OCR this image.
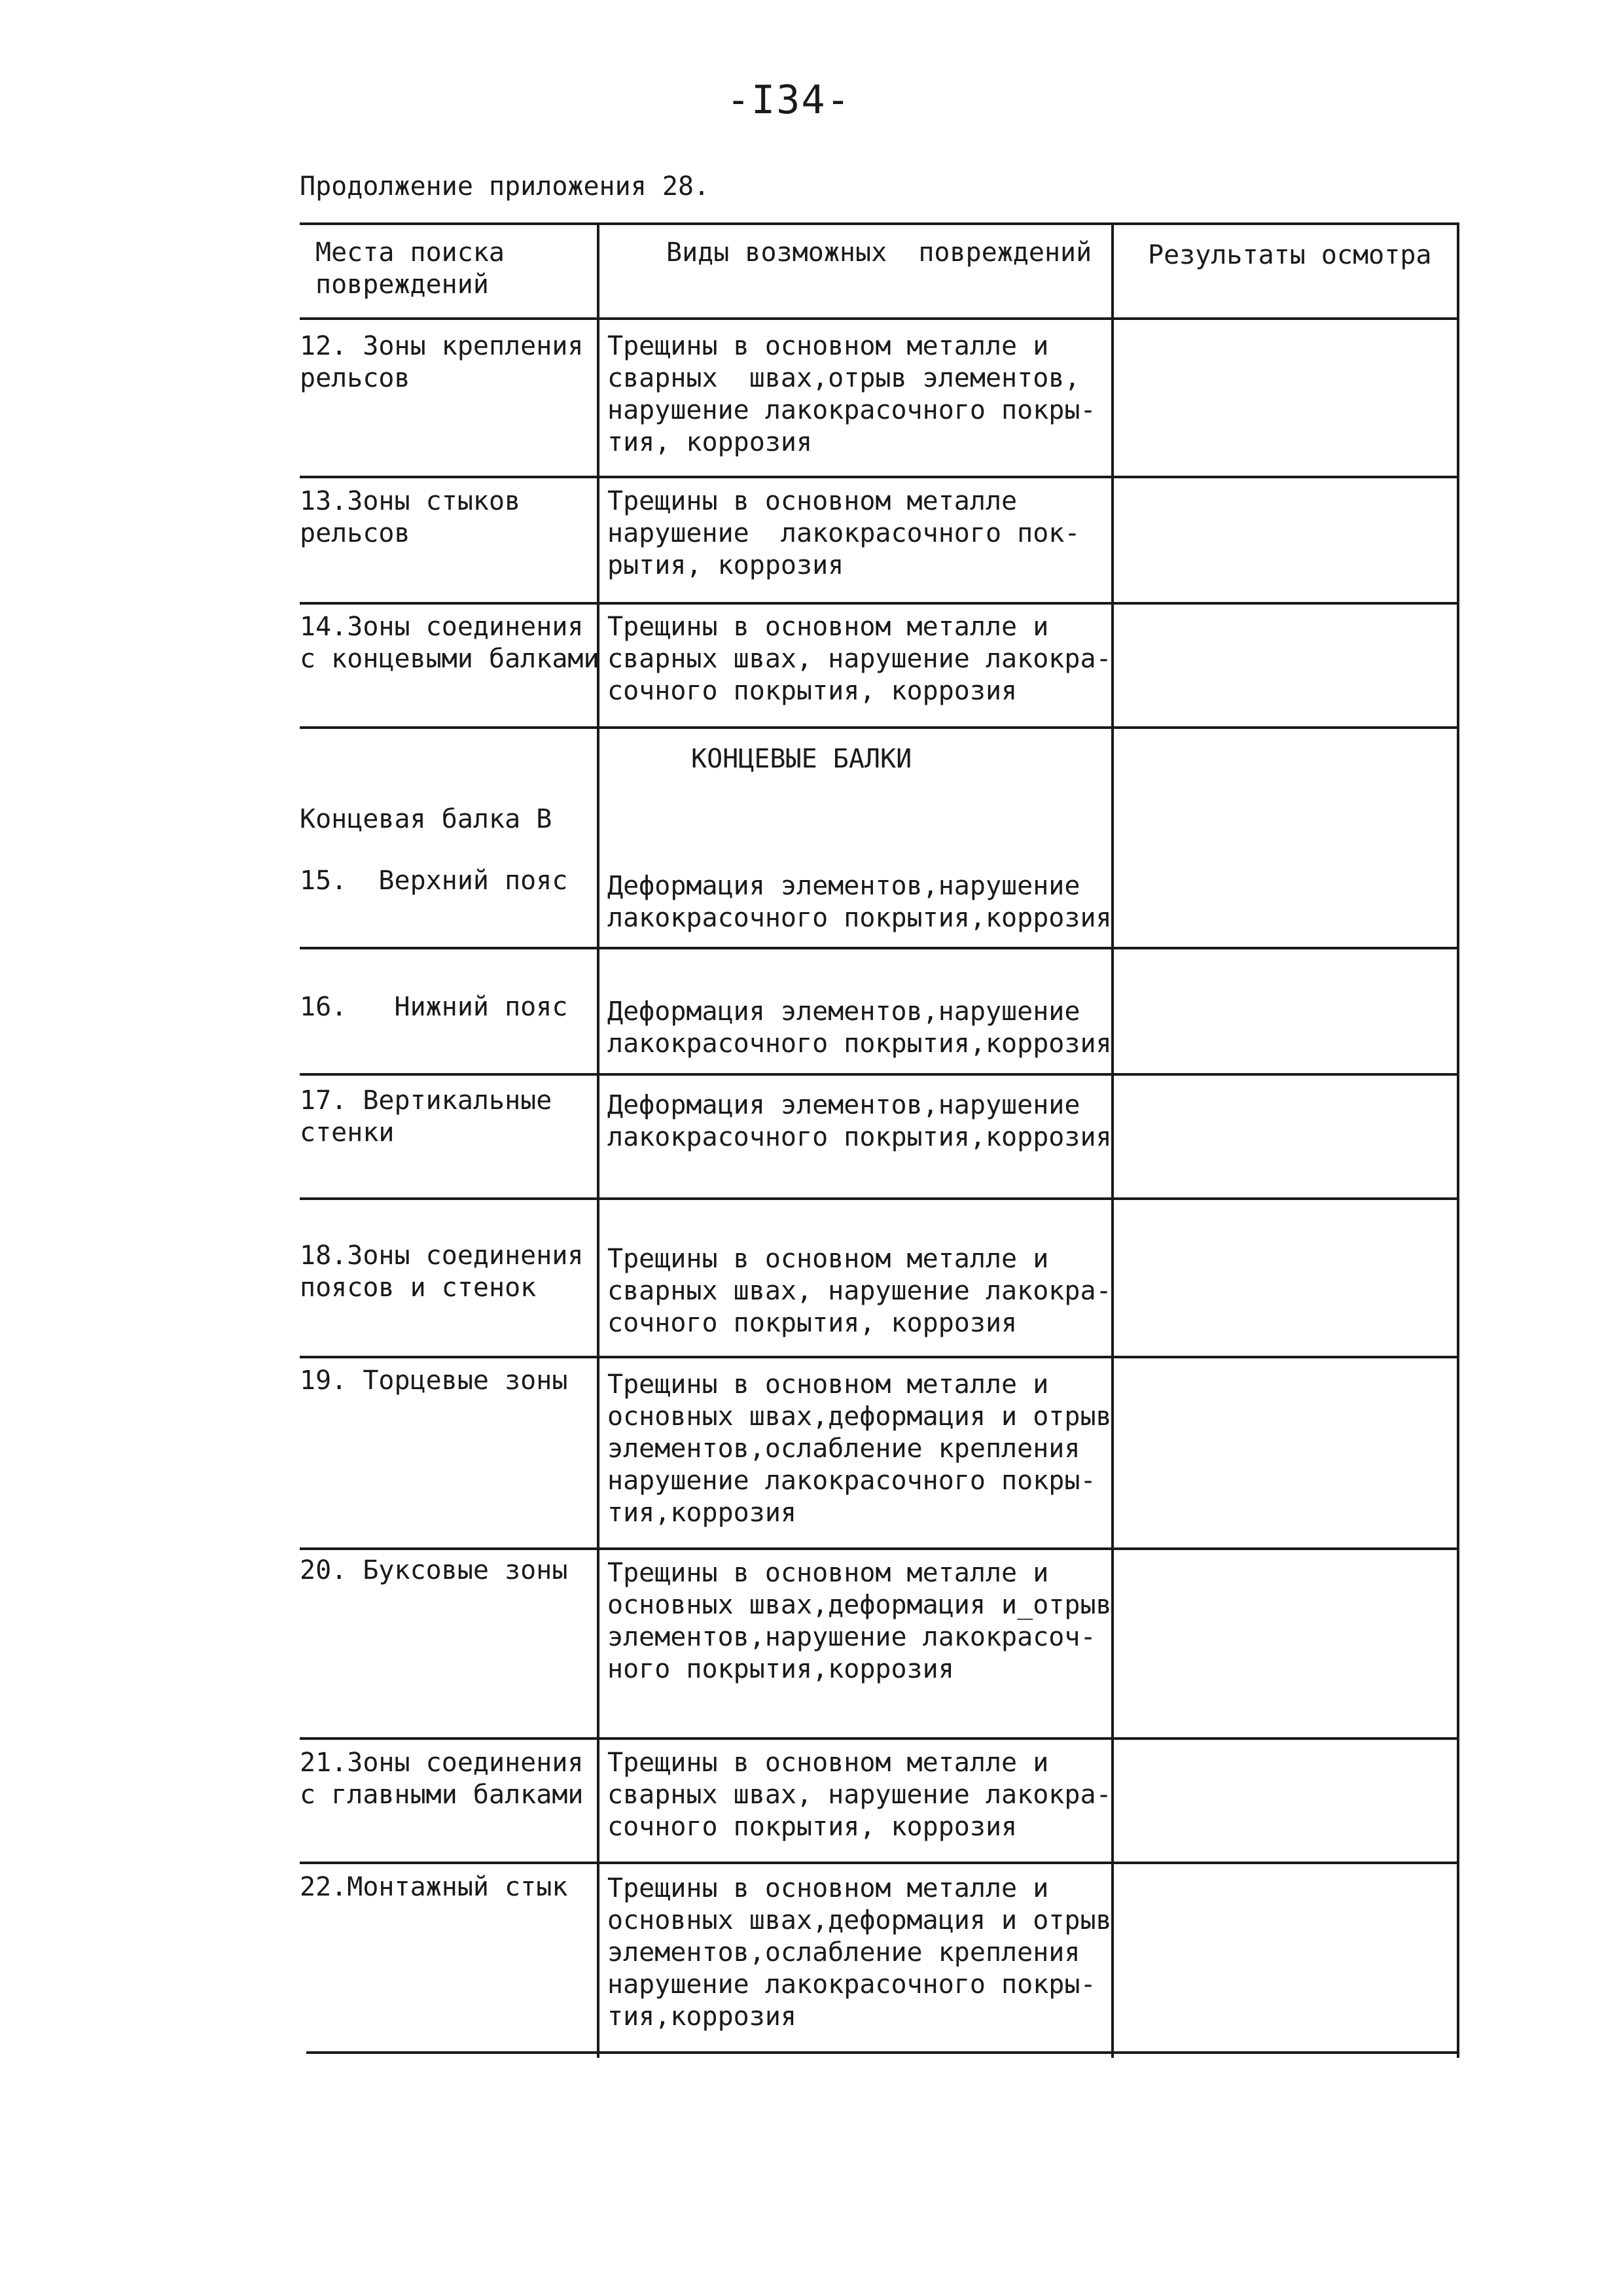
-I34-
Продолжение приложения 28.
Места поиска
повреждений
Виды возможных  повреждений Результаты осмотра
12. Зоны крепления
рельсов
Трещины в основном металле и
сварных  швах,отрыв элементов,
нарушение лакокрасочного покры-
тия, коррозия
13.Зоны стыков
рельсов
Трещины в основном металле
нарушение  лакокрасочного пок-
рытия, коррозия
14.Зоны соединения
с концевыми балками
Трещины в основном металле и
сварных швах, нарушение лакокра-
сочного покрытия, коррозия
КОНЦЕВЫЕ БАЛКИ
Концевая балка В
15.  Верхний пояс Деформация элементов,нарушение
лакокрасочного покрытия,коррозия
16.   Нижний пояс Деформация элементов,нарушение
лакокрасочного покрытия,коррозия
17. Вертикальные
стенки
Деформация элементов,нарушение
лакокрасочного покрытия,коррозия
18.Зоны соединения
поясов и стенок
Трещины в основном металле и
сварных швах, нарушение лакокра-
сочного покрытия, коррозия
19. Торцевые зоны Трещины в основном металле и
основных швах,деформация и отрыв
элементов,ослабление крепления
нарушение лакокрасочного покры-
тия,коррозия
20. Буксовые зоны Трещины в основном металле и
основных швах,деформация и_отрыв
элементов,нарушение лакокрасоч-
ного покрытия,коррозия
21.Зоны соединения
с главными балками
Трещины в основном металле и
сварных швах, нарушение лакокра-
сочного покрытия, коррозия
22.Монтажный стык Трещины в основном металле и
основных швах,деформация и отрыв
элементов,ослабление крепления
нарушение лакокрасочного покры-
тия,коррозия
